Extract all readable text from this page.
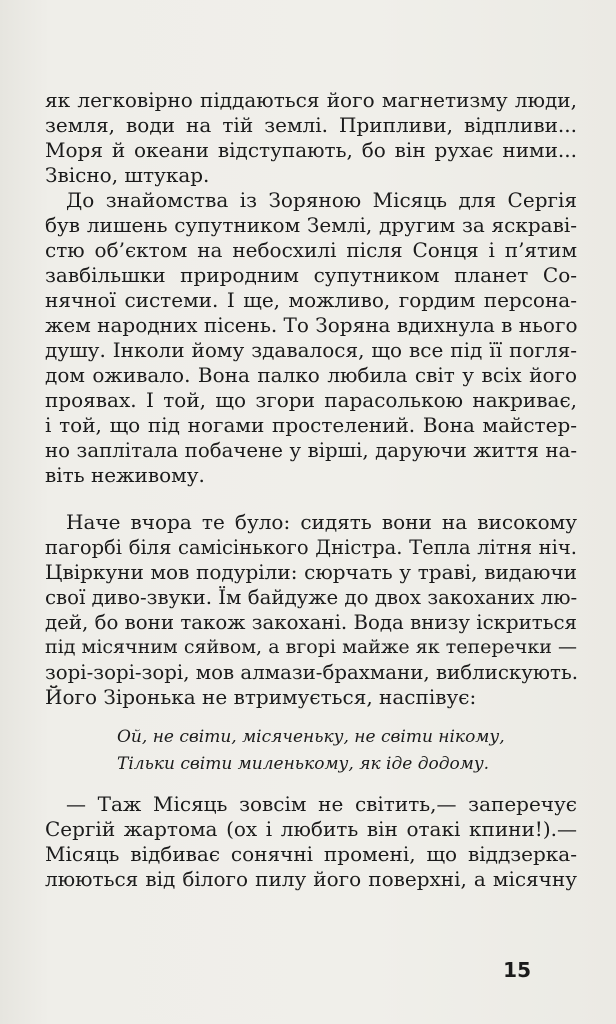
як легковірно піддаються його магнетизму люди,
земля, води на тій землі. Припливи, відпливи...
Моря й океани відступають, бо він рухає ними...
Звісно, штукар.
До знайомства із Зоряною Місяць для Сергія
був лишень супутником Землі, другим за яскраві-
стю об’єктом на небосхилі після Сонця і п’ятим
завбільшки природним супутником планет Со-
нячної системи. І ще, можливо, гордим персона-
жем народних пісень. То Зоряна вдихнула в нього
душу. Інколи йому здавалося, що все під її погля-
дом оживало. Вона палко любила світ у всіх його
проявах. І той, що згори парасолькою накриває,
і той, що під ногами простелений. Вона майстер-
но заплітала побачене у вірші, даруючи життя на-
віть неживому.
Наче вчора те було: сидять вони на високому
пагорбі біля самісінького Дністра. Тепла літня ніч.
Цвіркуни мов подуріли: сюрчать у траві, видаючи
свої диво-звуки. Їм байдуже до двох закоханих лю-
дей, бо вони також закохані. Вода внизу іскриться
під місячним сяйвом, а вгорі майже як теперечки —
зорі-зорі-зорі, мов алмази-брахмани, виблискують.
Його Зіронька не втримується, наспівує:
Ой, не світи, місяченьку, не світи нікому,
Тільки світи миленькому, як іде додому.
— Таж Місяць зовсім не світить,— заперечує
Сергій жартома (ох і любить він отакі кпини!).—
Місяць відбиває сонячні промені, що віддзеркa-
люються від білого пилу його поверхні, а місячну
15
